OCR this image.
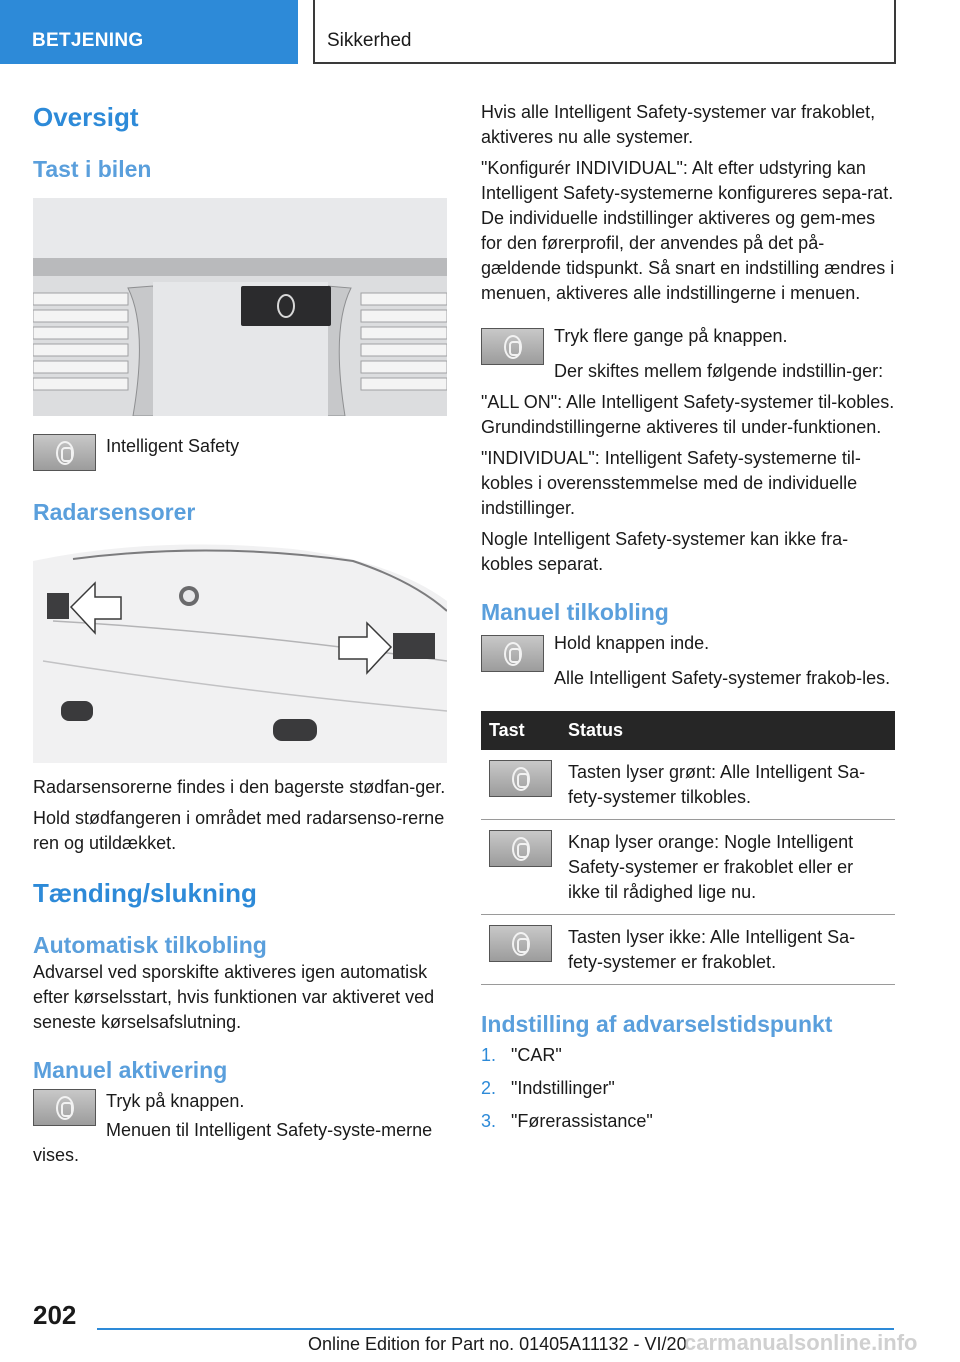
BETJENING	Sikkerhed
Oversigt
Tast i bilen
Intelligent Safety
Radarsensorer

Radarsensorerne findes i den bagerste stødfan-ger.

Hold stødfangeren i området med radarsenso-rerne ren og utildækket.

Tænding/slukning
Automatisk tilkobling

Advarsel ved sporskifte aktiveres igen automatisk efter kørselsstart, hvis funktionen var aktiveret ved seneste kørselsafslutning.

Manuel aktivering
Tryk på knappen.

Menuen til Intelligent Safety-syste-merne vises.

Hvis alle Intelligent Safety-systemer var frakoblet, aktiveres nu alle systemer.

"Konfigurér INDIVIDUAL": Alt efter udstyring kan Intelligent Safety-systemerne konfigureres sepa-rat. De individuelle indstillinger aktiveres og gem-mes for den førerprofil, der anvendes på det på-gældende tidspunkt. Så snart en indstilling ændres i menuen, aktiveres alle indstillingerne i menuen.

Tryk flere gange på knappen.

Der skiftes mellem følgende indstillin-ger:

"ALL ON": Alle Intelligent Safety-systemer til-kobles. Grundindstillingerne aktiveres til under-funktionen.

"INDIVIDUAL": Intelligent Safety-systemerne til-kobles i overensstemmelse med de individuelle indstillinger.

Nogle Intelligent Safety-systemer kan ikke fra-kobles separat.

Manuel tilkobling
Hold knappen inde.

Alle Intelligent Safety-systemer frakob-les.

Tast	Status

	Tasten lyser grønt: Alle Intelligent Sa-fety-systemer tilkobles.

	Knap lyser orange: Nogle Intelligent Safety-systemer er frakoblet eller er ikke til rådighed lige nu.

	Tasten lyser ikke: Alle Intelligent Sa-fety-systemer er frakoblet.
Indstilling af advarselstidspunkt
1. "CAR"
2. "Indstillinger"
3. "Førerassistance"
202
Online Edition for Part no. 01405A11132 - VI/20
carmanualsonline.info
